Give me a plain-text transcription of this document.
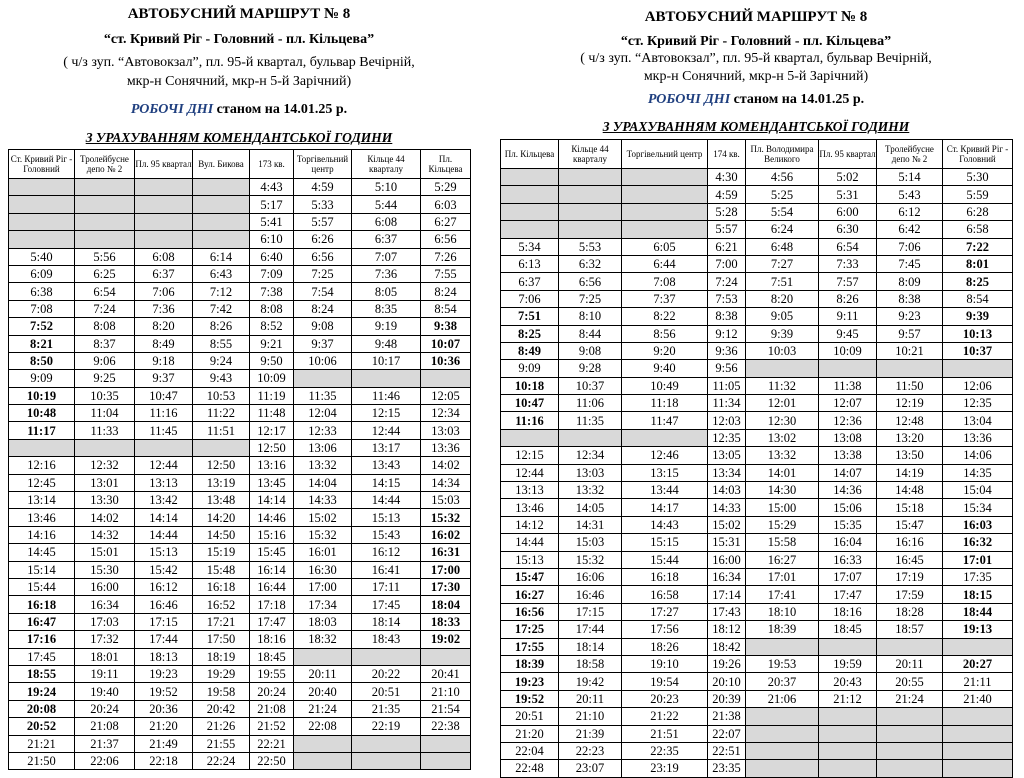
АВТОБУСНИЙ МАРШРУТ № 8
“ст. Кривий Ріг - Головний - пл. Кільцева”
( ч/з зуп. “Автовокзал”, пл. 95-й квартал, бульвар Вечірній,
мкр-н Сонячний, мкр-н 5-й Зарічний)
РОБОЧІ ДНІ станом на 14.01.25 р.
З УРАХУВАННЯМ КОМЕНДАНТСЬКОЇ ГОДИНИ
Ст. Кривий Ріг - Головний	Тролейбусне депо № 2	Пл. 95 квартал	Вул. Бикова	173 кв.	Торгівельний центр	Кільце 44 кварталу	Пл. Кільцева
				4:43	4:59	5:10	5:29
				5:17	5:33	5:44	6:03
				5:41	5:57	6:08	6:27
				6:10	6:26	6:37	6:56
5:40	5:56	6:08	6:14	6:40	6:56	7:07	7:26
6:09	6:25	6:37	6:43	7:09	7:25	7:36	7:55
6:38	6:54	7:06	7:12	7:38	7:54	8:05	8:24
7:08	7:24	7:36	7:42	8:08	8:24	8:35	8:54
7:52	8:08	8:20	8:26	8:52	9:08	9:19	9:38
8:21	8:37	8:49	8:55	9:21	9:37	9:48	10:07
8:50	9:06	9:18	9:24	9:50	10:06	10:17	10:36
9:09	9:25	9:37	9:43	10:09			
10:19	10:35	10:47	10:53	11:19	11:35	11:46	12:05
10:48	11:04	11:16	11:22	11:48	12:04	12:15	12:34
11:17	11:33	11:45	11:51	12:17	12:33	12:44	13:03
				12:50	13:06	13:17	13:36
12:16	12:32	12:44	12:50	13:16	13:32	13:43	14:02
12:45	13:01	13:13	13:19	13:45	14:04	14:15	14:34
13:14	13:30	13:42	13:48	14:14	14:33	14:44	15:03
13:46	14:02	14:14	14:20	14:46	15:02	15:13	15:32
14:16	14:32	14:44	14:50	15:16	15:32	15:43	16:02
14:45	15:01	15:13	15:19	15:45	16:01	16:12	16:31
15:14	15:30	15:42	15:48	16:14	16:30	16:41	17:00
15:44	16:00	16:12	16:18	16:44	17:00	17:11	17:30
16:18	16:34	16:46	16:52	17:18	17:34	17:45	18:04
16:47	17:03	17:15	17:21	17:47	18:03	18:14	18:33
17:16	17:32	17:44	17:50	18:16	18:32	18:43	19:02
17:45	18:01	18:13	18:19	18:45			
18:55	19:11	19:23	19:29	19:55	20:11	20:22	20:41
19:24	19:40	19:52	19:58	20:24	20:40	20:51	21:10
20:08	20:24	20:36	20:42	21:08	21:24	21:35	21:54
20:52	21:08	21:20	21:26	21:52	22:08	22:19	22:38
21:21	21:37	21:49	21:55	22:21			
21:50	22:06	22:18	22:24	22:50			
АВТОБУСНИЙ МАРШРУТ № 8
“ст. Кривий Ріг - Головний - пл. Кільцева”
( ч/з зуп. “Автовокзал”, пл. 95-й квартал, бульвар Вечірній,
мкр-н Сонячний, мкр-н 5-й Зарічний)
РОБОЧІ ДНІ станом на 14.01.25 р.
З УРАХУВАННЯМ КОМЕНДАНТСЬКОЇ ГОДИНИ
Пл. Кільцева	Кільце 44 кварталу	Торгівельний центр	174 кв.	Пл. Володимира Великого	Пл. 95 квартал	Тролейбусне депо № 2	Ст. Кривий Ріг - Головний
			4:30	4:56	5:02	5:14	5:30
			4:59	5:25	5:31	5:43	5:59
			5:28	5:54	6:00	6:12	6:28
			5:57	6:24	6:30	6:42	6:58
5:34	5:53	6:05	6:21	6:48	6:54	7:06	7:22
6:13	6:32	6:44	7:00	7:27	7:33	7:45	8:01
6:37	6:56	7:08	7:24	7:51	7:57	8:09	8:25
7:06	7:25	7:37	7:53	8:20	8:26	8:38	8:54
7:51	8:10	8:22	8:38	9:05	9:11	9:23	9:39
8:25	8:44	8:56	9:12	9:39	9:45	9:57	10:13
8:49	9:08	9:20	9:36	10:03	10:09	10:21	10:37
9:09	9:28	9:40	9:56				
10:18	10:37	10:49	11:05	11:32	11:38	11:50	12:06
10:47	11:06	11:18	11:34	12:01	12:07	12:19	12:35
11:16	11:35	11:47	12:03	12:30	12:36	12:48	13:04
			12:35	13:02	13:08	13:20	13:36
12:15	12:34	12:46	13:05	13:32	13:38	13:50	14:06
12:44	13:03	13:15	13:34	14:01	14:07	14:19	14:35
13:13	13:32	13:44	14:03	14:30	14:36	14:48	15:04
13:46	14:05	14:17	14:33	15:00	15:06	15:18	15:34
14:12	14:31	14:43	15:02	15:29	15:35	15:47	16:03
14:44	15:03	15:15	15:31	15:58	16:04	16:16	16:32
15:13	15:32	15:44	16:00	16:27	16:33	16:45	17:01
15:47	16:06	16:18	16:34	17:01	17:07	17:19	17:35
16:27	16:46	16:58	17:14	17:41	17:47	17:59	18:15
16:56	17:15	17:27	17:43	18:10	18:16	18:28	18:44
17:25	17:44	17:56	18:12	18:39	18:45	18:57	19:13
17:55	18:14	18:26	18:42				
18:39	18:58	19:10	19:26	19:53	19:59	20:11	20:27
19:23	19:42	19:54	20:10	20:37	20:43	20:55	21:11
19:52	20:11	20:23	20:39	21:06	21:12	21:24	21:40
20:51	21:10	21:22	21:38				
21:20	21:39	21:51	22:07				
22:04	22:23	22:35	22:51				
22:48	23:07	23:19	23:35				
